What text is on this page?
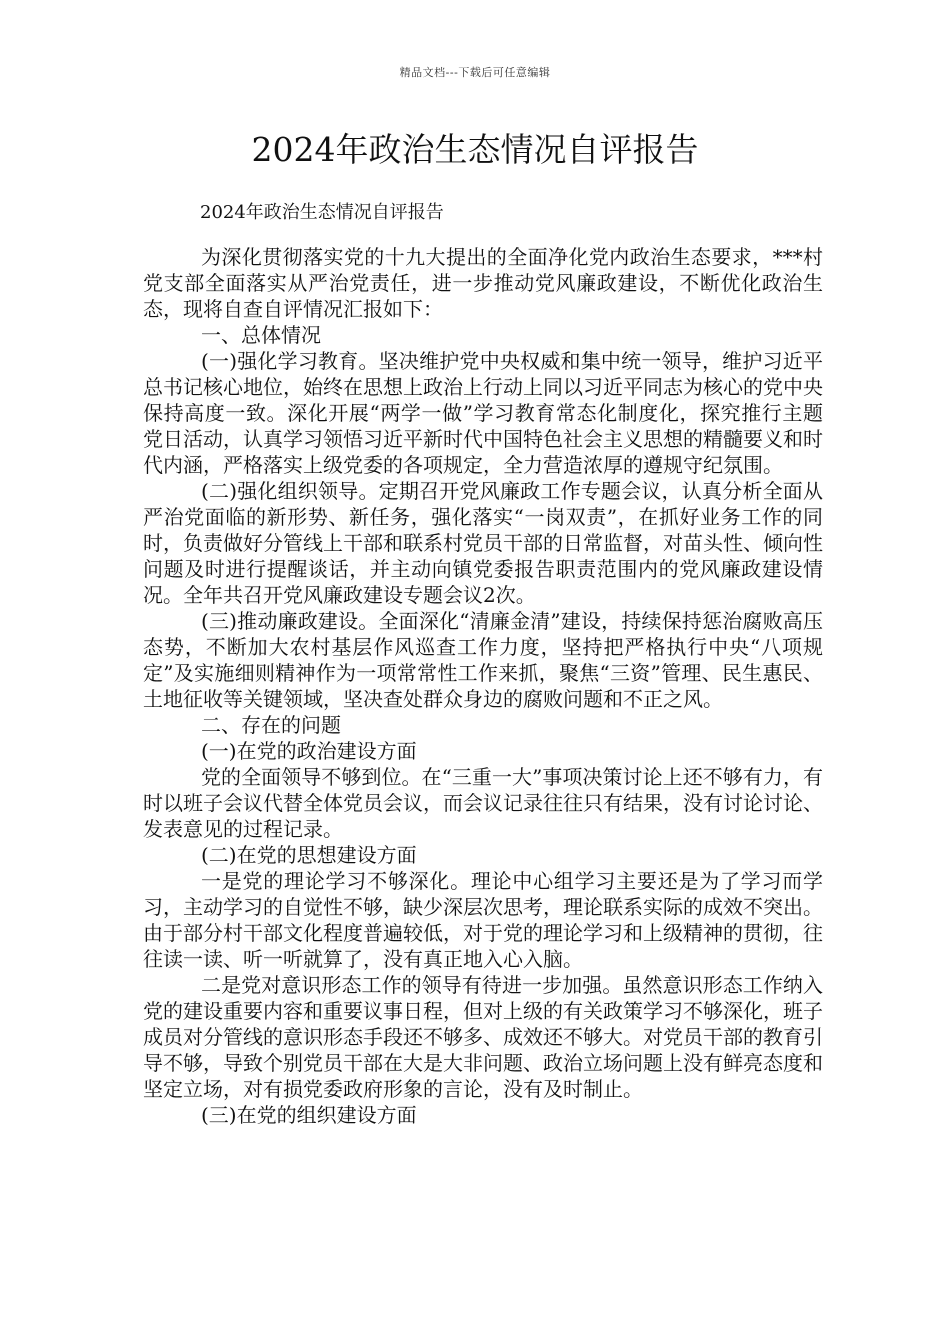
精品文档---下载后可任意编辑
2024年政治生态情况自评报告
2024年政治生态情况自评报告

为深化贯彻落实党的十九大提出的全面净化党内政治生态要求，***村党支部全面落实从严治党责任，进一步推动党风廉政建设，不断优化政治生态，现将自查自评情况汇报如下：

一、总体情况

(一)强化学习教育。坚决维护党中央权威和集中统一领导，维护习近平总书记核心地位，始终在思想上政治上行动上同以习近平同志为核心的党中央保持高度一致。深化开展“两学一做”学习教育常态化制度化，探究推行主题党日活动，认真学习领悟习近平新时代中国特色社会主义思想的精髓要义和时代内涵，严格落实上级党委的各项规定，全力营造浓厚的遵规守纪氛围。

(二)强化组织领导。定期召开党风廉政工作专题会议，认真分析全面从严治党面临的新形势、新任务，强化落实“一岗双责”，在抓好业务工作的同时，负责做好分管线上干部和联系村党员干部的日常监督，对苗头性、倾向性问题及时进行提醒谈话，并主动向镇党委报告职责范围内的党风廉政建设情况。全年共召开党风廉政建设专题会议2次。

(三)推动廉政建设。全面深化“清廉金清”建设，持续保持惩治腐败高压态势，不断加大农村基层作风巡查工作力度，坚持把严格执行中央“八项规定”及实施细则精神作为一项常常性工作来抓，聚焦“三资”管理、民生惠民、土地征收等关键领域，坚决查处群众身边的腐败问题和不正之风。

二、存在的问题

(一)在党的政治建设方面

党的全面领导不够到位。在“三重一大”事项决策讨论上还不够有力，有时以班子会议代替全体党员会议，而会议记录往往只有结果，没有讨论讨论、发表意见的过程记录。

(二)在党的思想建设方面

一是党的理论学习不够深化。理论中心组学习主要还是为了学习而学习，主动学习的自觉性不够，缺少深层次思考，理论联系实际的成效不突出。由于部分村干部文化程度普遍较低，对于党的理论学习和上级精神的贯彻，往往读一读、听一听就算了，没有真正地入心入脑。

二是党对意识形态工作的领导有待进一步加强。虽然意识形态工作纳入党的建设重要内容和重要议事日程，但对上级的有关政策学习不够深化，班子成员对分管线的意识形态手段还不够多、成效还不够大。对党员干部的教育引导不够，导致个别党员干部在大是大非问题、政治立场问题上没有鲜亮态度和坚定立场，对有损党委政府形象的言论，没有及时制止。

(三)在党的组织建设方面
